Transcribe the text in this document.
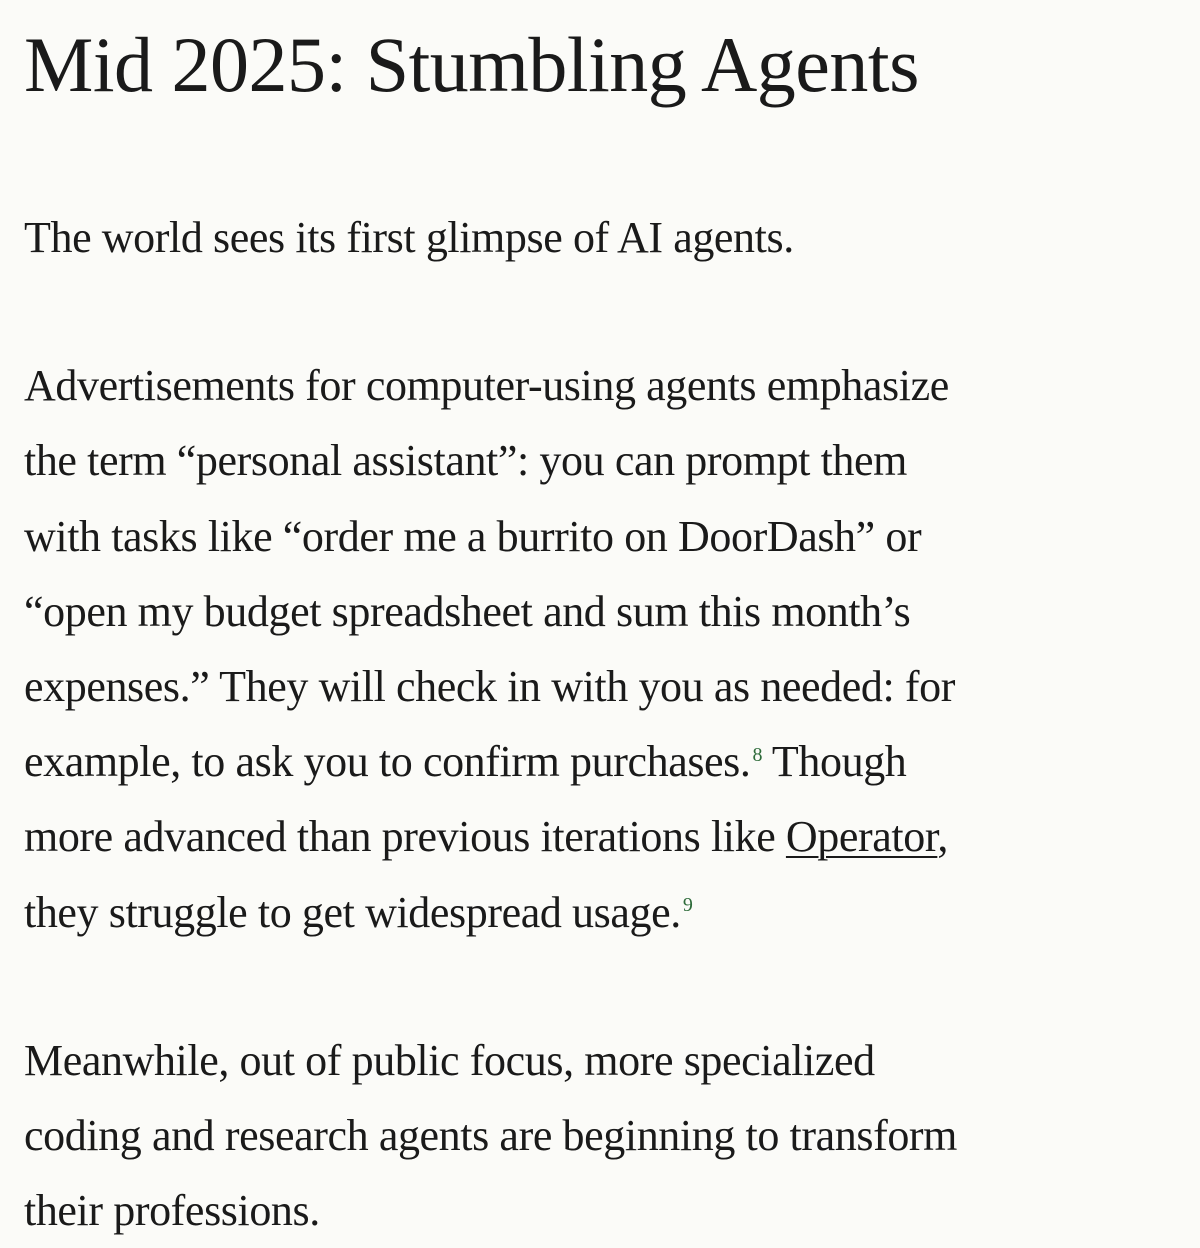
Mid 2025: Stumbling Agents

The world sees its first glimpse of AI agents.

Advertisements for computer-using agents emphasize
the term “personal assistant”: you can prompt them
with tasks like “order me a burrito on DoorDash” or
“open my budget spreadsheet and sum this month’s
expenses.” They will check in with you as needed: for
example, to ask you to confirm purchases. $^8$ Though
more advanced than previous iterations like Operator,
they struggle to get widespread usage. $^9$

Meanwhile, out of public focus, more specialized
coding and research agents are beginning to transform
their professions.
